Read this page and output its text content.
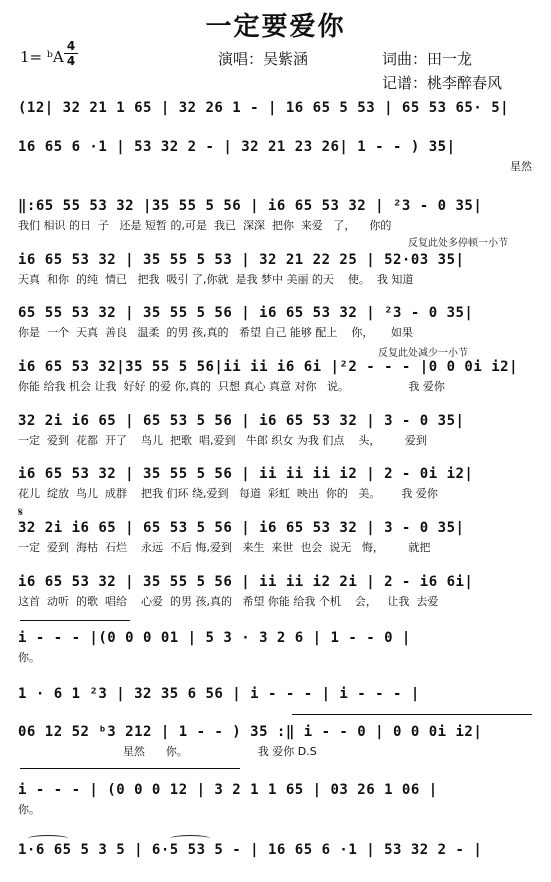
一定要爱你
1= ᵇA
4
4	演唱：吴紫涵	词曲：田一龙
记谱：桃李醉春风
(12| 32 21 1 65 | 32 26 1 - | 16 65 5 53 | 65 53 65· 5|
16 65 6 ·1 | 53 32 2 - | 32 21 23 26| 1 - - ) 35|
星然
‖:65 55 53 32 |35 55 5 56 | i6 65 53 32 | ²3 - 0 35|
我们 相识 的日  子   还是 短暂 的,可是  我已  深深  把你  来爱   了，    你的
反复此处多停顿一小节
i6 65 53 32 | 35 55 5 53 | 32 21 22 25 | 52·03 35|
天真  和你  的纯  情已   把我  吸引 了,你就  是我 梦中 美丽 的天    使。  我 知道
65 55 53 32 | 35 55 5 56 | i6 65 53 32 | ²3 - 0 35|
你是  一个  天真  善良   温柔  的男 孩,真的   希望 自己 能够 配上    你，     如果
反复此处减少一小节
i6 65 53 32|35 55 5 56|ii ii i6 6i |²2 - - - |0 0 0i i2|
你能 给我 机会 让我  好好 的爱 你,真的  只想 真心 真意 对你   说。                 我 爱你
32 2i i6 65 | 65 53 5 56 | i6 65 53 32 | 3 - 0 35|
一定  爱到  花都  开了    鸟儿  把歌  唱,爱到   牛郎 织女 为我 们点    头，       爱到
i6 65 53 32 | 35 55 5 56 | ii ii ii i2 | 2 - 0i i2|
花儿  绽放  鸟儿  成群    把我 们环 绕,爱到   每道  彩虹  映出  你的   美。      我 爱你
𝄋
32 2i i6 65 | 65 53 5 56 | i6 65 53 32 | 3 - 0 35|
一定  爱到  海枯  石烂    永远  不后 悔,爱到   来生  来世  也会  说无   悔，       就把
i6 65 53 32 | 35 55 5 56 | ii ii i2 2i | 2 - i6 6i|
这首  动听  的歌  唱给    心爱  的男 孩,真的   希望 你能 给我 个机    会，   让我  去爱
i - - - |(0 0 0 01 | 5 3 · 3 2 6 | 1 - - 0 |
你。
1 · 6 1 ²3 | 32 35 6 56 | i - - - | i - - - |
06 12 52 ᵇ3 212 | 1 - - ) 35 :‖ i - - 0 | 0 0 0i i2|
星然      你。                    我 爱你 D.S
i - - - | (0 0 0 12 | 3 2 1 1 65 | 03 26 1 06 |
你。
1·6 65 5 3 5 | 6·5 53 5 - | 16 65 6 ·1 | 53 32 2 - |
